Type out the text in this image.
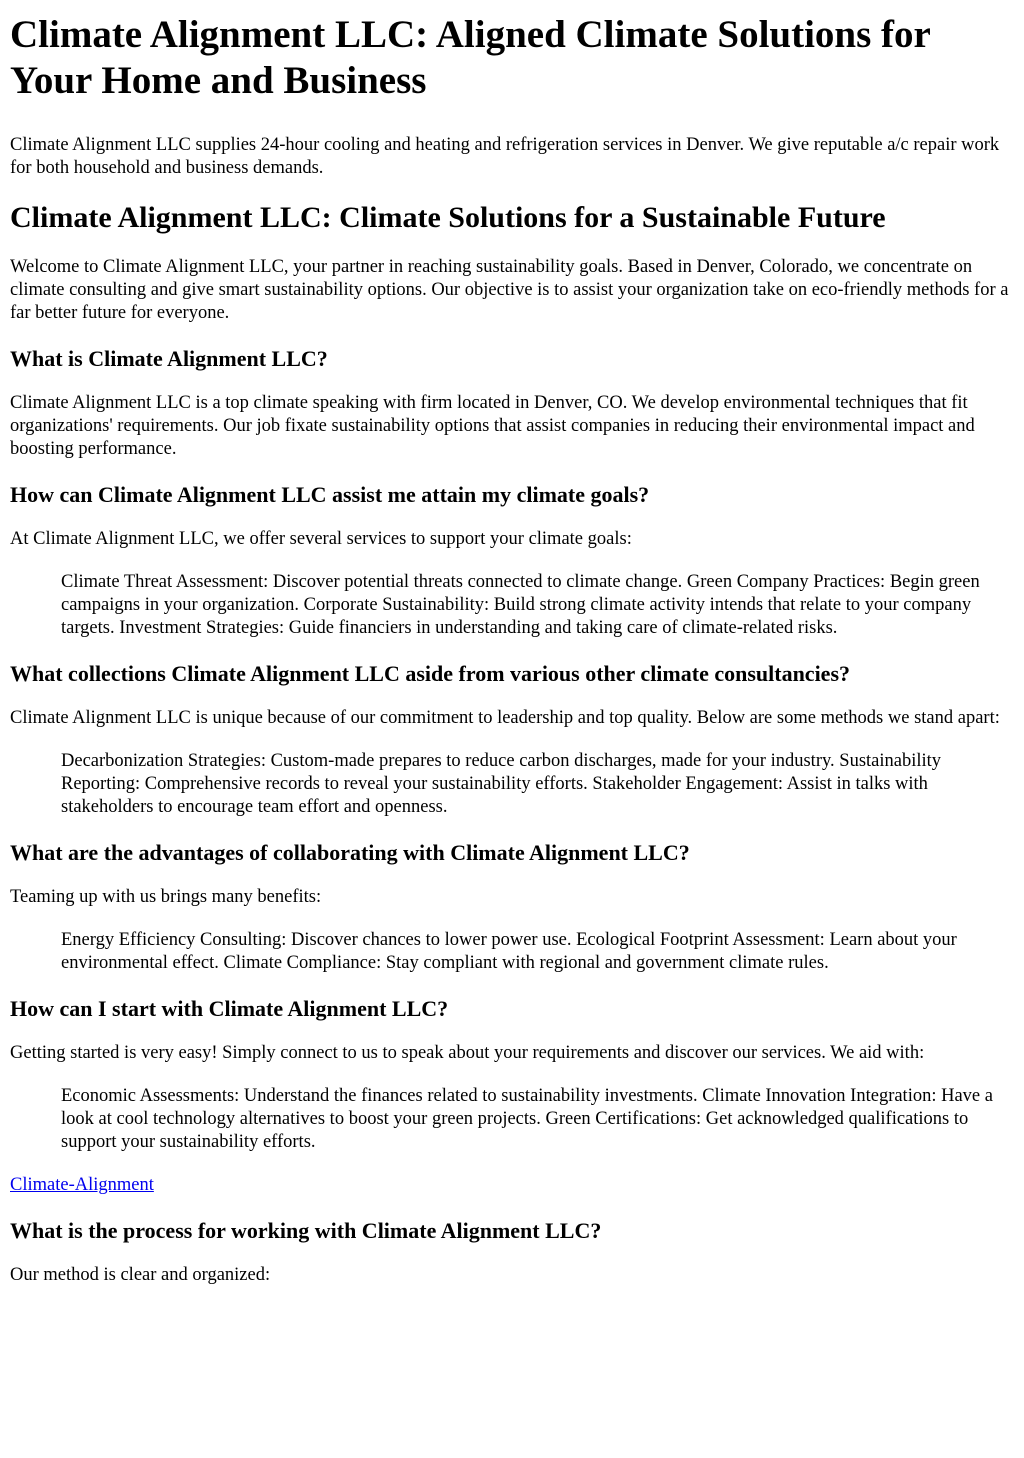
Climate Alignment LLC: Aligned Climate Solutions for Your Home and Business

Climate Alignment LLC supplies 24-hour cooling and heating and refrigeration services in Denver. We give reputable a/c repair work for both household and business demands.

Climate Alignment LLC: Climate Solutions for a Sustainable Future

Welcome to Climate Alignment LLC, your partner in reaching sustainability goals. Based in Denver, Colorado, we concentrate on climate consulting and give smart sustainability options. Our objective is to assist your organization take on eco-friendly methods for a far better future for everyone.

What is Climate Alignment LLC?

Climate Alignment LLC is a top climate speaking with firm located in Denver, CO. We develop environmental techniques that fit organizations' requirements. Our job fixate sustainability options that assist companies in reducing their environmental impact and boosting performance.

How can Climate Alignment LLC assist me attain my climate goals?

At Climate Alignment LLC, we offer several services to support your climate goals:

Climate Threat Assessment: Discover potential threats connected to climate change. Green Company Practices: Begin green campaigns in your organization. Corporate Sustainability: Build strong climate activity intends that relate to your company targets. Investment Strategies: Guide financiers in understanding and taking care of climate-related risks.
What collections Climate Alignment LLC aside from various other climate consultancies?

Climate Alignment LLC is unique because of our commitment to leadership and top quality. Below are some methods we stand apart:

Decarbonization Strategies: Custom-made prepares to reduce carbon discharges, made for your industry. Sustainability Reporting: Comprehensive records to reveal your sustainability efforts. Stakeholder Engagement: Assist in talks with stakeholders to encourage team effort and openness.
What are the advantages of collaborating with Climate Alignment LLC?

Teaming up with us brings many benefits:

Energy Efficiency Consulting: Discover chances to lower power use. Ecological Footprint Assessment: Learn about your environmental effect. Climate Compliance: Stay compliant with regional and government climate rules.
How can I start with Climate Alignment LLC?

Getting started is very easy! Simply connect to us to speak about your requirements and discover our services. We aid with:

Economic Assessments: Understand the finances related to sustainability investments. Climate Innovation Integration: Have a look at cool technology alternatives to boost your green projects. Green Certifications: Get acknowledged qualifications to support your sustainability efforts.

Climate-Alignment

What is the process for working with Climate Alignment LLC?

Our method is clear and organized:
